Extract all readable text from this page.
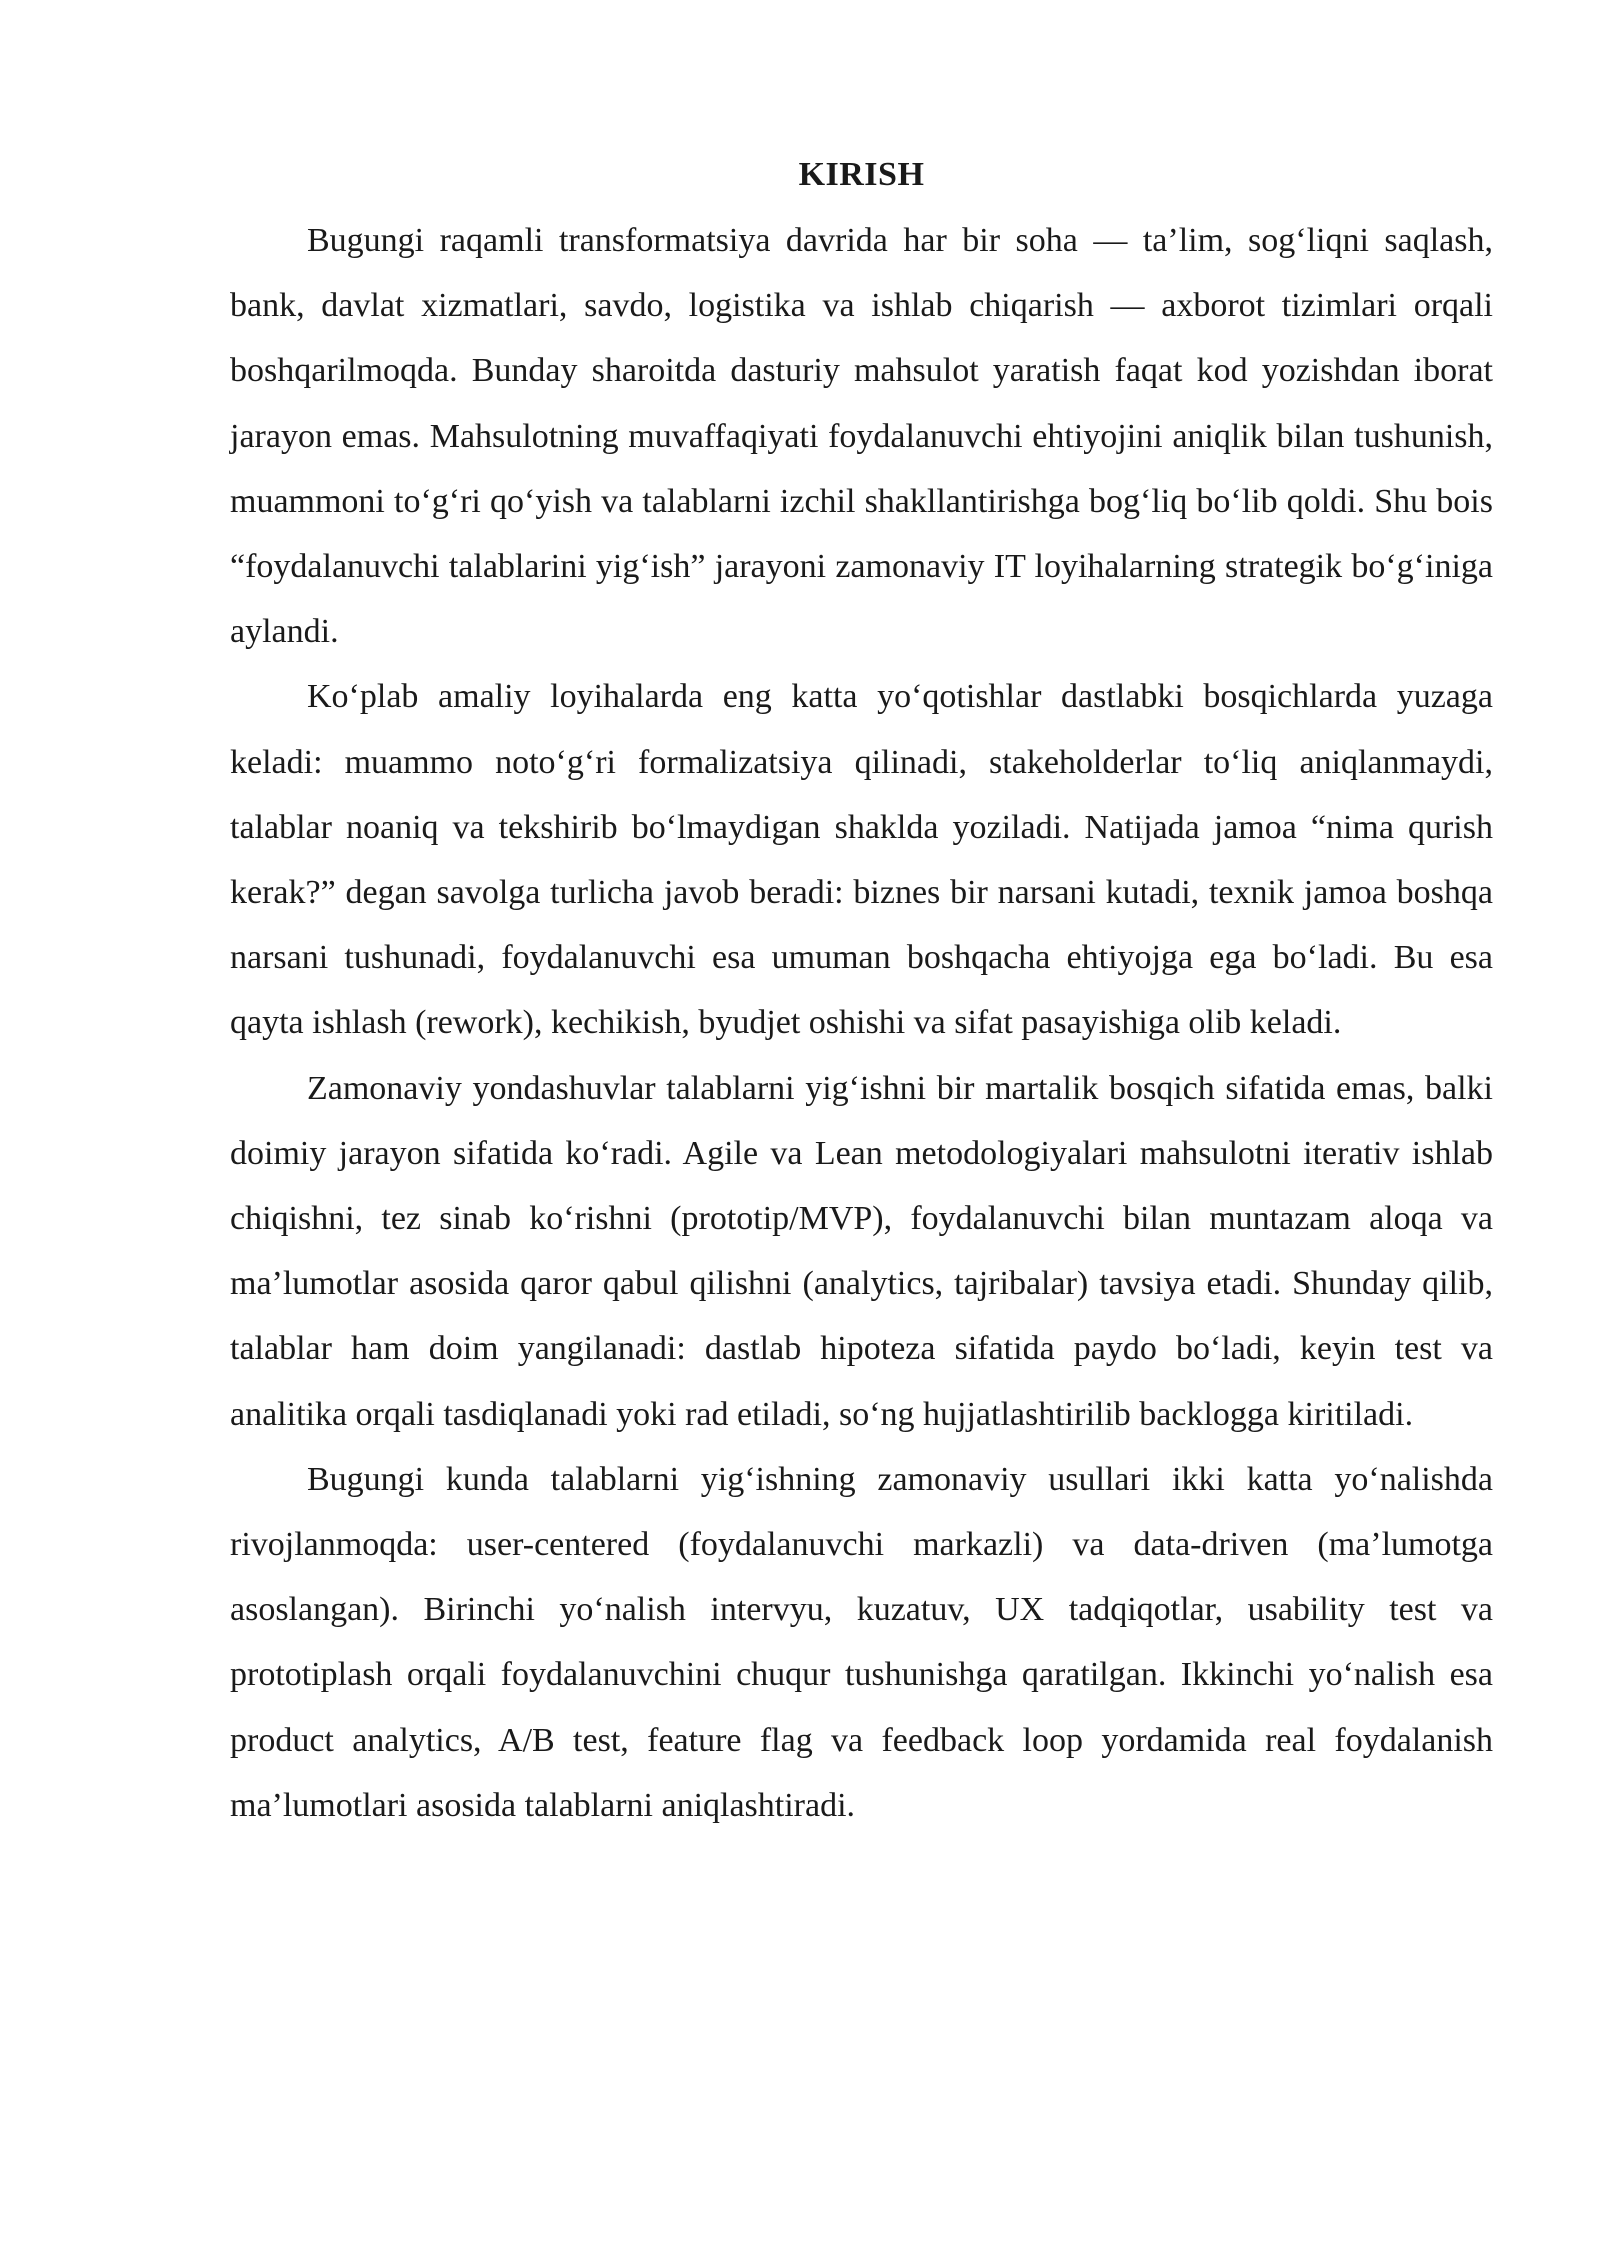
KIRISH

Bugungi raqamli transformatsiya davrida har bir soha — ta’lim, sog‘liqni saqlash, bank, davlat xizmatlari, savdo, logistika va ishlab chiqarish — axborot tizimlari orqali boshqarilmoqda. Bunday sharoitda dasturiy mahsulot yaratish faqat kod yozishdan iborat jarayon emas. Mahsulotning muvaffaqiyati foydalanuvchi ehtiyojini aniqlik bilan tushunish, muammoni to‘g‘ri qo‘yish va talablarni izchil shakllantirishga bog‘liq bo‘lib qoldi. Shu bois “foydalanuvchi talablarini yig‘ish” jarayoni zamonaviy IT loyihalarning strategik bo‘g‘iniga aylandi.

Ko‘plab amaliy loyihalarda eng katta yo‘qotishlar dastlabki bosqichlarda yuzaga keladi: muammo noto‘g‘ri formalizatsiya qilinadi, stakeholderlar to‘liq aniqlanmaydi, talablar noaniq va tekshirib bo‘lmaydigan shaklda yoziladi. Natijada jamoa “nima qurish kerak?” degan savolga turlicha javob beradi: biznes bir narsani kutadi, texnik jamoa boshqa narsani tushunadi, foydalanuvchi esa umuman boshqacha ehtiyojga ega bo‘ladi. Bu esa qayta ishlash (rework), kechikish, byudjet oshishi va sifat pasayishiga olib keladi.

Zamonaviy yondashuvlar talablarni yig‘ishni bir martalik bosqich sifatida emas, balki doimiy jarayon sifatida ko‘radi. Agile va Lean metodologiyalari mahsulotni iterativ ishlab chiqishni, tez sinab ko‘rishni (prototip/MVP), foydalanuvchi bilan muntazam aloqa va ma’lumotlar asosida qaror qabul qilishni (analytics, tajribalar) tavsiya etadi. Shunday qilib, talablar ham doim yangilanadi: dastlab hipoteza sifatida paydo bo‘ladi, keyin test va analitika orqali tasdiqlanadi yoki rad etiladi, so‘ng hujjatlashtirilib backlogga kiritiladi.

Bugungi kunda talablarni yig‘ishning zamonaviy usullari ikki katta yo‘nalishda rivojlanmoqda: user-centered (foydalanuvchi markazli) va data-driven (ma’lumotga asoslangan). Birinchi yo‘nalish intervyu, kuzatuv, UX tadqiqotlar, usability test va prototiplash orqali foydalanuvchini chuqur tushunishga qaratilgan. Ikkinchi yo‘nalish esa product analytics, A/B test, feature flag va feedback loop yordamida real foydalanish ma’lumotlari asosida talablarni aniqlashtiradi.
